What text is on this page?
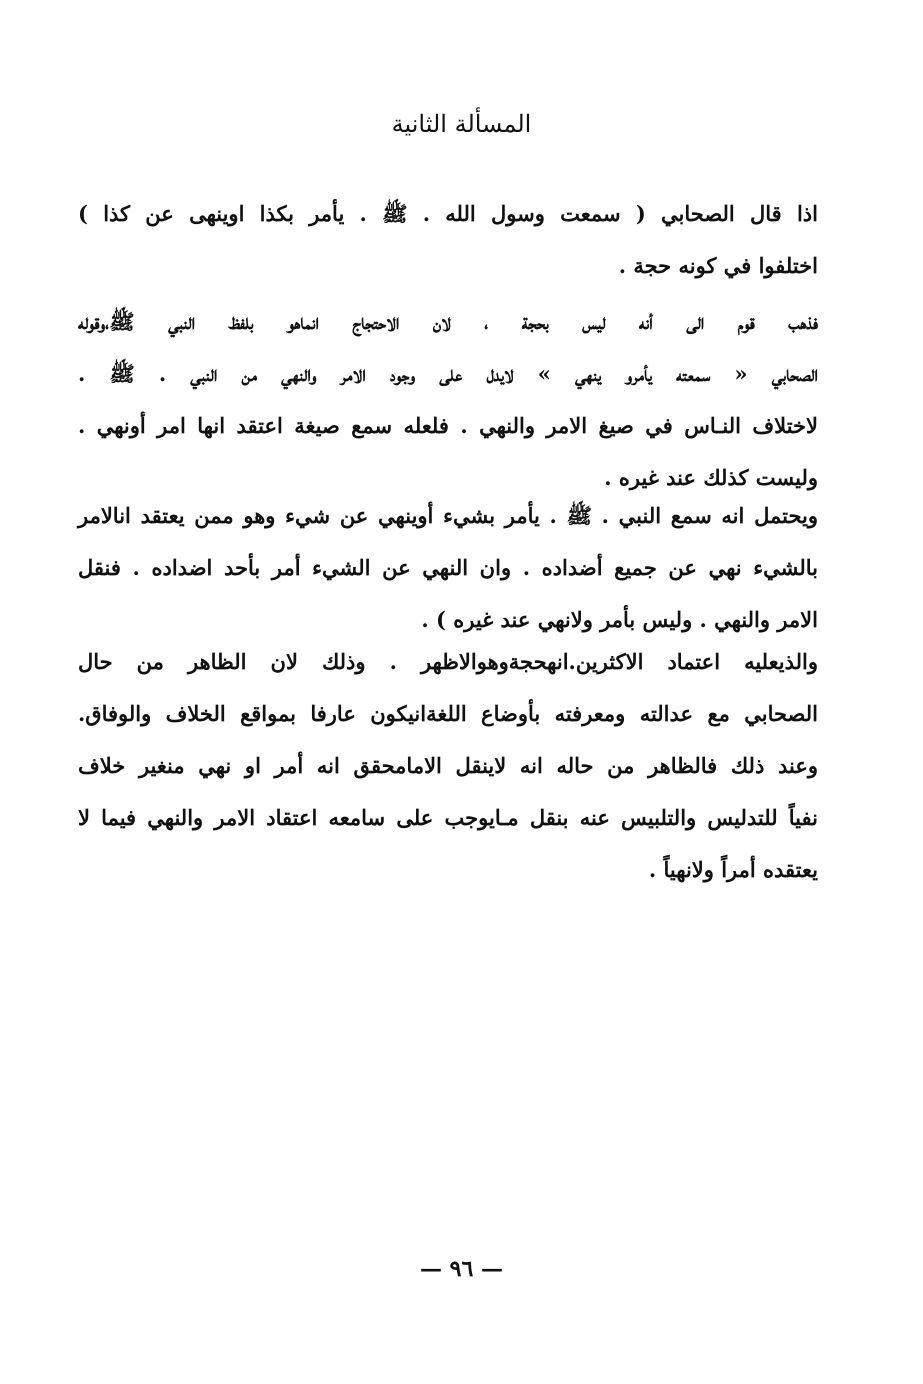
المسألة الثانية
اذا قال الصحابي ( سمعت وسول الله . ﷺ . يأمر بكذا اوينهى عن كذا )
اختلفوا في كونه حجة .
فذهب قوم الى أنه ليس بحجة ، لان الاحتجاج انماهو بلفظ النبي ﷺ،وقوله
الصحابي « سمعته يأمرو ينهي » لايدل على وجود الامر والنهي من النبي . ﷺ .
لاختلاف النـاس في صيغ الامر والنهي . فلعله سمع صيغة اعتقد انها امر أونهي .
وليست كذلك عند غيره .
ويحتمل انه سمع النبي . ﷺ . يأمر بشيء أوينهي عن شيء وهو ممن يعتقد انالامر
بالشيء نهي عن جميع أضداده . وان النهي عن الشيء أمر بأحد اضداده . فنقل
الامر والنهي . وليس بأمر ولانهي عند غيره ) .
والذيعليه اعتماد الاكثرين.انهحجةوهوالاظهر . وذلك لان الظاهر من حال
الصحابي مع عدالته ومعرفته بأوضاع اللغةانيكون عارفا بمواقع الخلاف والوفاق.
وعند ذلك فالظاهر من حاله انه لاينقل الامامحقق انه أمر او نهي منغير خلاف
نفياً للتدليس والتلبيس عنه بنقل مـايوجب على سامعه اعتقاد الامر والنهي فيما لا
يعتقده أمراً ولانهياً .
— ٩٦ —
